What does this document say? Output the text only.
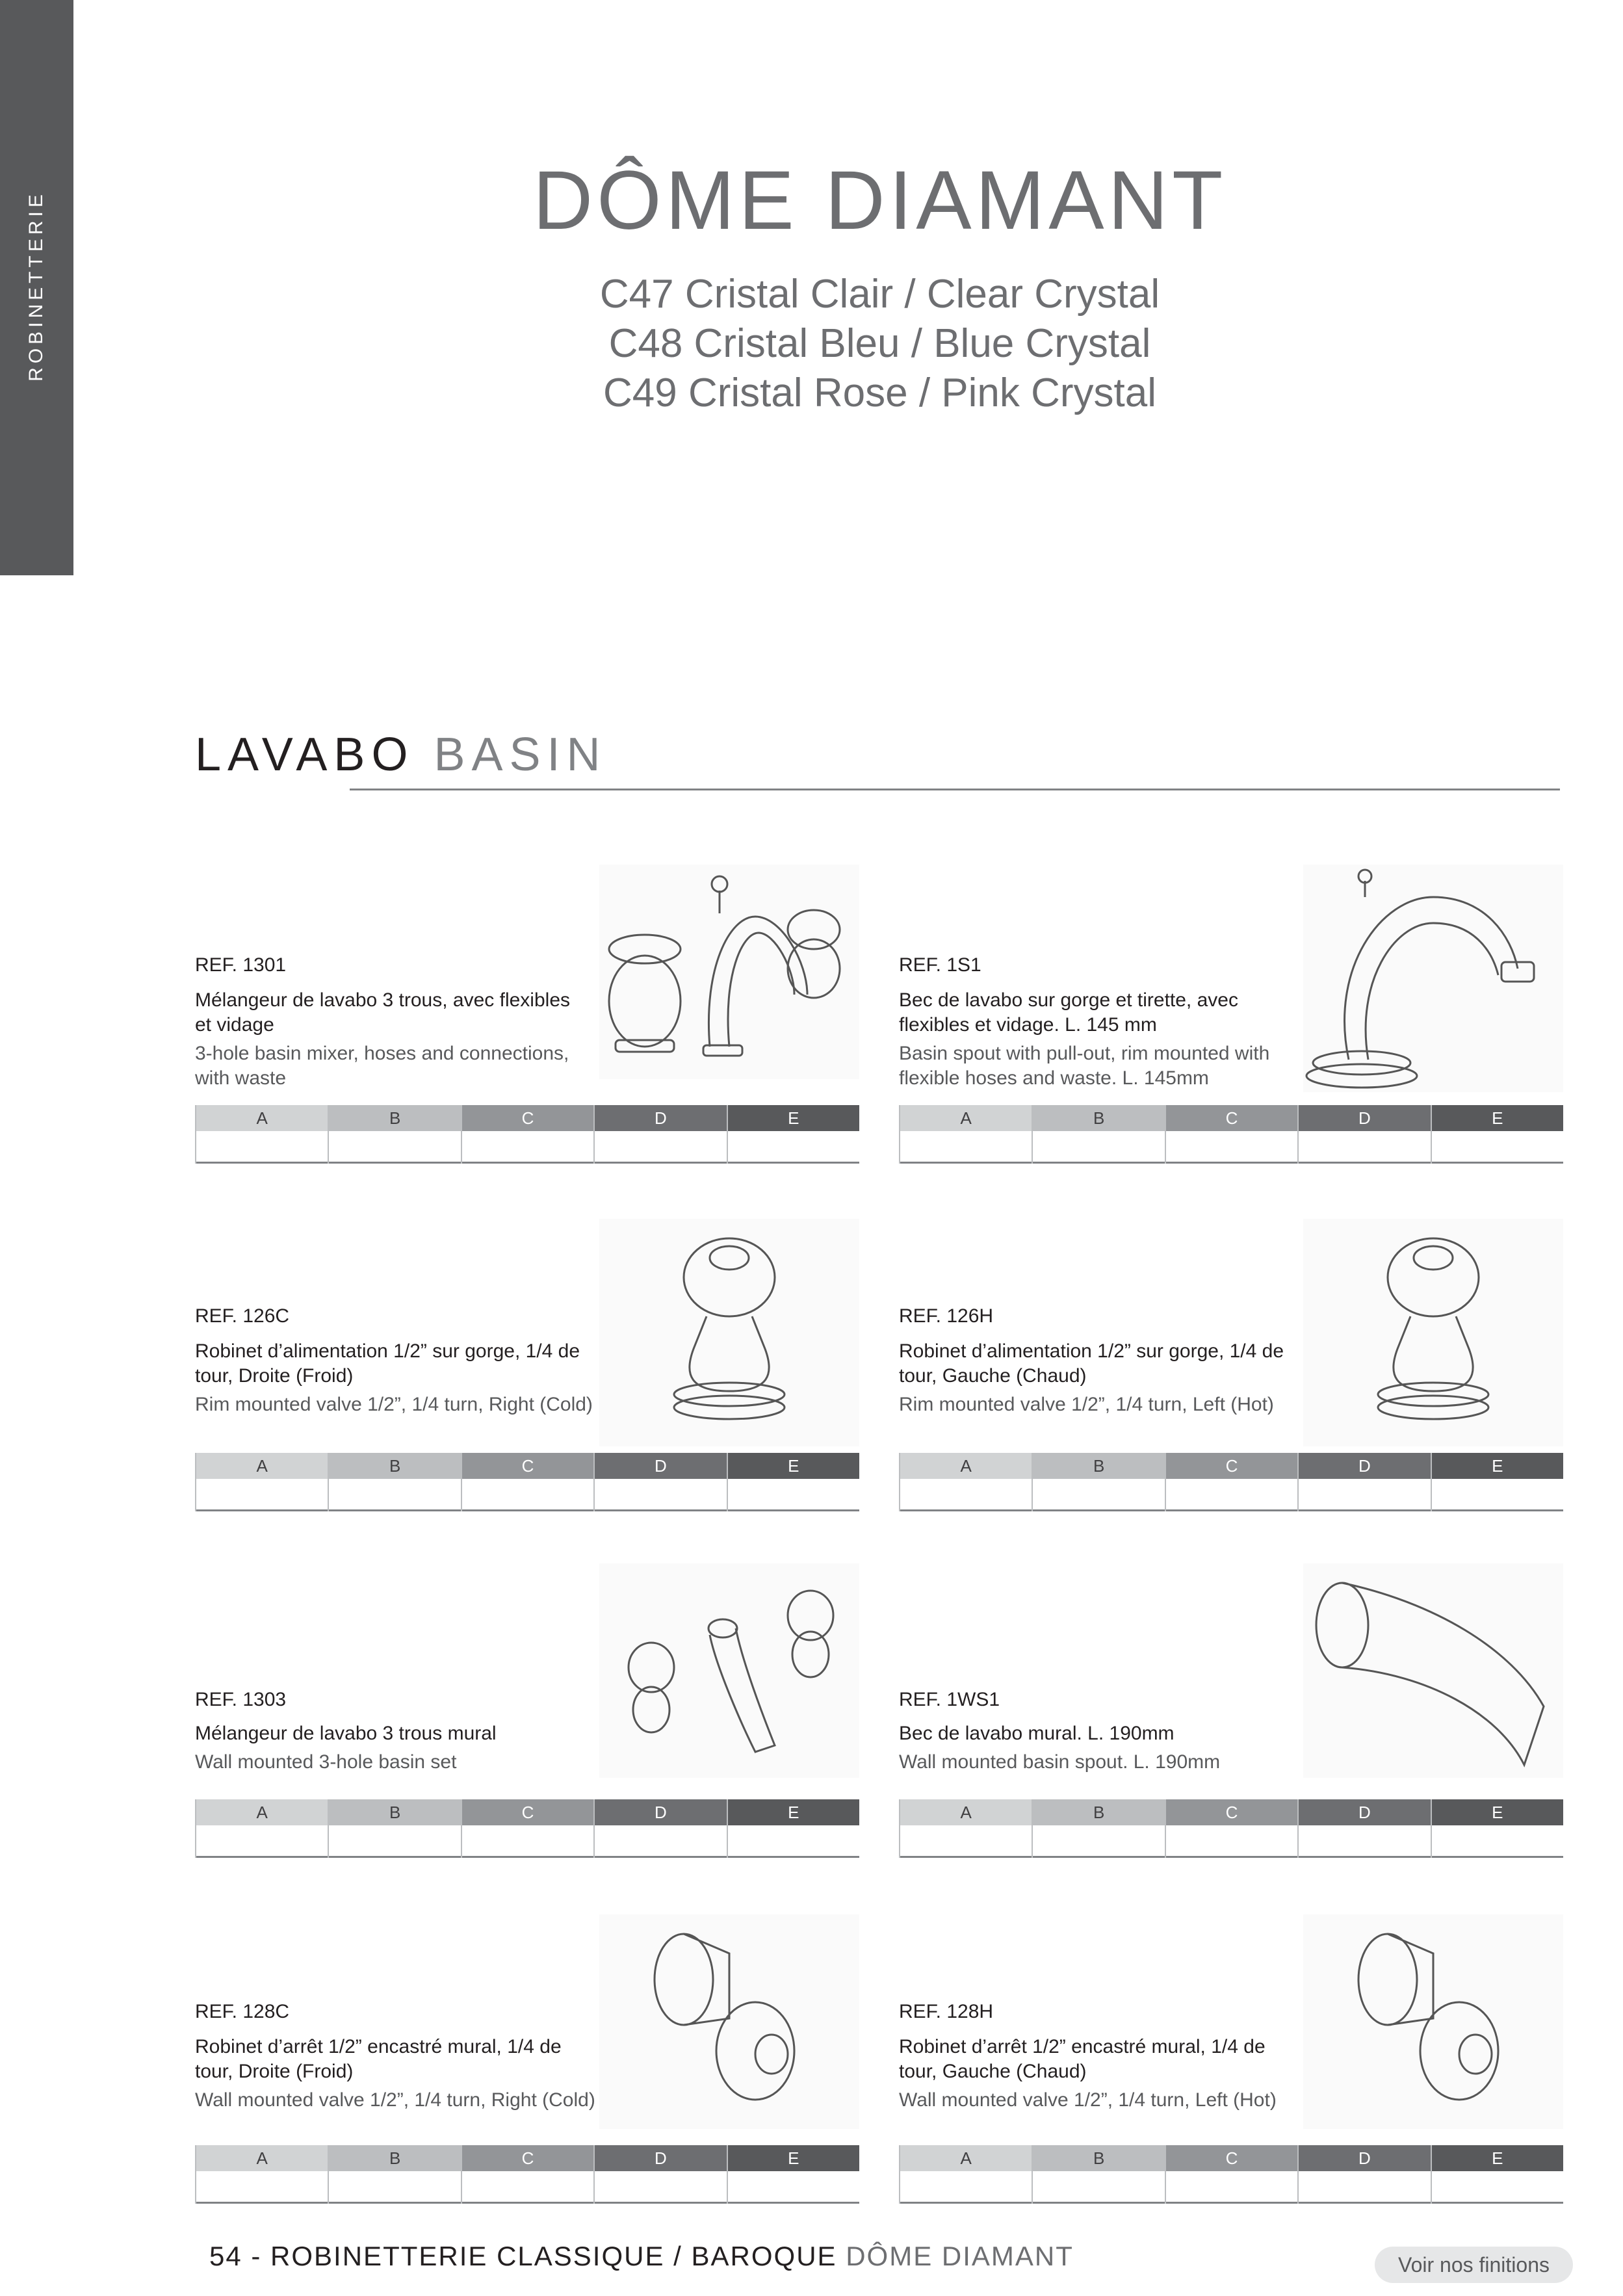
ROBINETTERIE	DÔME DIAMANT
C47 Cristal Clair / Clear Crystal
C48 Cristal Bleu / Blue Crystal
C49 Cristal Rose / Pink Crystal
LAVABO BASIN
REF. 1301
Mélangeur de lavabo 3 trous, avec flexibles et vidage
3-hole basin mixer, hoses and connections, with waste
A	B	C	D	E
REF. 1S1
Bec de lavabo sur gorge et tirette, avec flexibles et vidage. L. 145 mm
Basin spout with pull-out, rim mounted with flexible hoses and waste. L. 145mm
A	B	C	D	E
REF. 126C
Robinet d’alimentation 1/2” sur gorge, 1/4 de tour, Droite (Froid)
Rim mounted valve 1/2”, 1/4 turn, Right (Cold)
A	B	C	D	E
REF. 126H
Robinet d’alimentation 1/2” sur gorge, 1/4 de tour, Gauche (Chaud)
Rim mounted valve 1/2”, 1/4 turn, Left (Hot)
A	B	C	D	E
REF. 1303
Mélangeur de lavabo 3 trous mural
Wall mounted 3-hole basin set
A	B	C	D	E
REF. 1WS1
Bec de lavabo mural. L. 190mm
Wall mounted basin spout. L. 190mm
A	B	C	D	E
REF. 128C
Robinet d’arrêt 1/2” encastré mural, 1/4 de tour, Droite (Froid)
Wall mounted valve 1/2”, 1/4 turn, Right (Cold)
A	B	C	D	E
REF. 128H
Robinet d’arrêt 1/2” encastré mural, 1/4 de tour, Gauche (Chaud)
Wall mounted valve 1/2”, 1/4 turn, Left (Hot)
A	B	C	D	E
54 - ROBINETTERIE CLASSIQUE / BAROQUE DÔME DIAMANT	Voir nos finitions
